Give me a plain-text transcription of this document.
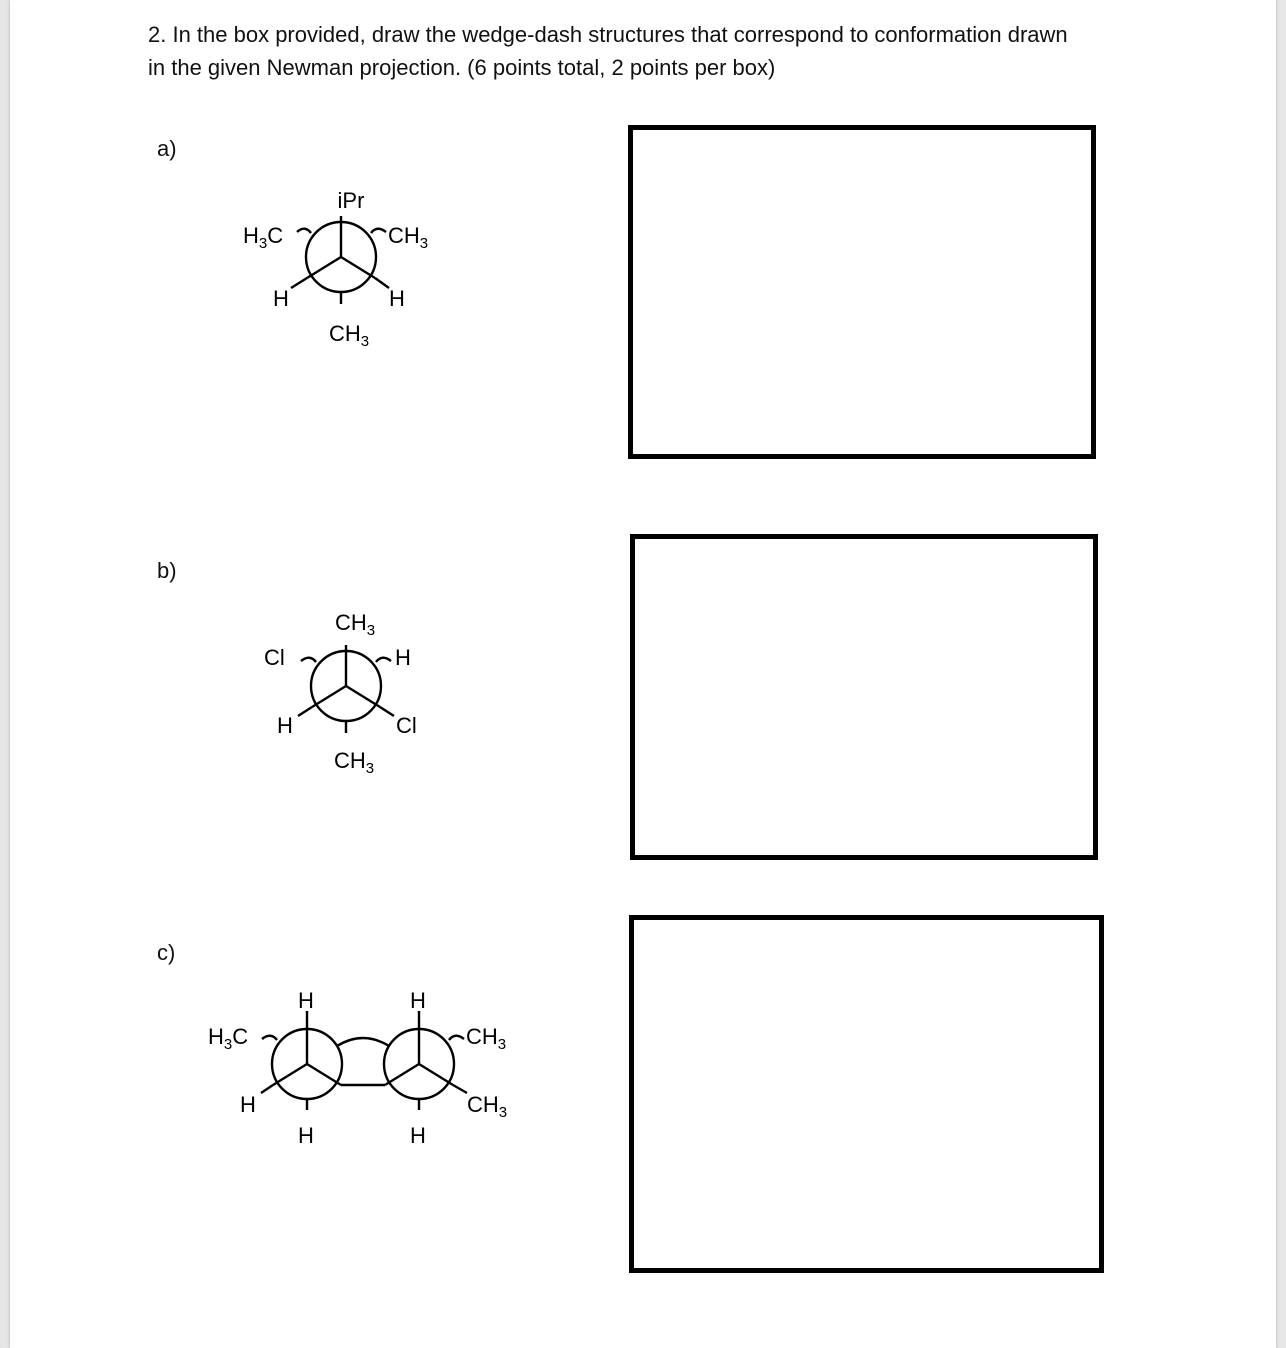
2. In the box provided, draw the wedge-dash structures that correspond to conformation drawn
in the given Newman projection. (6 points total, 2 points per box)
a)
b)
c)
iPr
$H_3C$	$CH_3$
H	H
$CH_3$
$CH_3$
Cl	H
H	Cl
$CH_3$
H	H
$H_3C$	$CH_3$
H	$CH_3$
H	H
